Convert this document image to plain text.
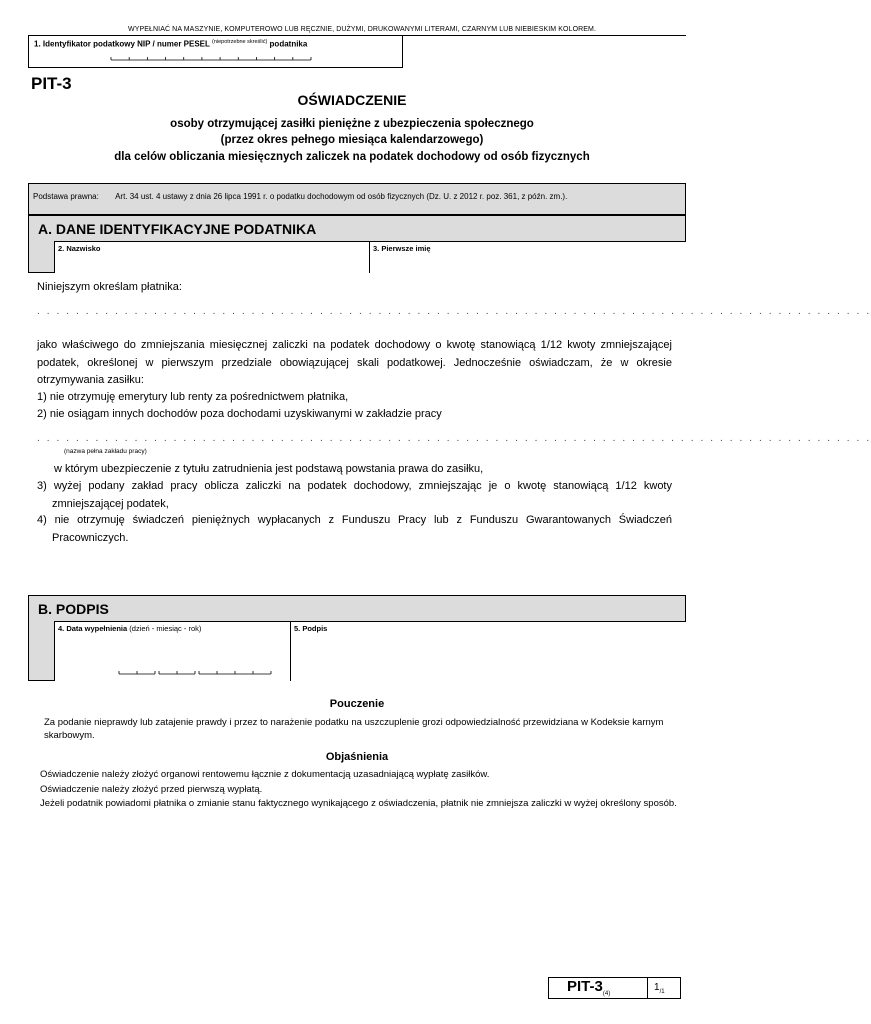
WYPEŁNIAĆ NA MASZYNIE, KOMPUTEROWO LUB RĘCZNIE, DUŻYMI, DRUKOWANYMI LITERAMI, CZARNYM LUB NIEBIESKIM KOLOREM.
1. Identyfikator podatkowy NIP / numer PESEL $^{(niepotrzebne skreślić)}$ podatnika
PIT-3
OŚWIADCZENIE
osoby otrzymującej zasiłki pieniężne z ubezpieczenia społecznego
(przez okres pełnego miesiąca kalendarzowego)
dla celów obliczania miesięcznych zaliczek na podatek dochodowy od osób fizycznych
Podstawa prawna: Art. 34 ust. 4 ustawy z dnia 26 lipca 1991 r. o podatku dochodowym od osób fizycznych (Dz. U. z 2012 r. poz. 361, z późn. zm.).
A. DANE IDENTYFIKACYJNE PODATNIKA
2. Nazwisko	3. Pierwsze imię
Niniejszym określam płatnika:
. . . . . . . . . . . . . . . . . . . . . . . . . . . . . . . . . . . . . . . . . . . . . . . . . . . . . . . . . . . . . . . . . . . . . . . . . . . . . . . . . . . . . .
jako właściwego do zmniejszania miesięcznej zaliczki na podatek dochodowy o kwotę stanowiącą 1/12 kwoty zmniejszającej podatek, określonej w pierwszym przedziale obowiązującej skali podatkowej. Jednocześnie oświadczam, że w okresie otrzymywania zasiłku:
1) nie otrzymuję emerytury lub renty za pośrednictwem płatnika,
2) nie osiągam innych dochodów poza dochodami uzyskiwanymi w zakładzie pracy
. . . . . . . . . . . . . . . . . . . . . . . . . . . . . . . . . . . . . . . . . . . . . . . . . . . . . . . . . . . . . . . . . . . . . . . . . . . . . . . . . . . . . .
(nazwa pełna zakładu pracy)
w którym ubezpieczenie z tytułu zatrudnienia jest podstawą powstania prawa do zasiłku,
3) wyżej podany zakład pracy oblicza zaliczki na podatek dochodowy, zmniejszając je o kwotę stanowiącą 1/12 kwoty zmniejszającej podatek,
4) nie otrzymuję świadczeń pieniężnych wypłacanych z Funduszu Pracy lub z Funduszu Gwarantowanych Świadczeń Pracowniczych.
B. PODPIS
4. Data wypełnienia (dzień - miesiąc - rok)	5. Podpis
Pouczenie
Za podanie nieprawdy lub zatajenie prawdy i przez to narażenie podatku na uszczuplenie grozi odpowiedzialność przewidziana w Kodeksie karnym skarbowym.
Objaśnienia
Oświadczenie należy złożyć organowi rentowemu łącznie z dokumentacją uzasadniającą wypłatę zasiłków.
Oświadczenie należy złożyć przed pierwszą wypłatą.
Jeżeli podatnik powiadomi płatnika o zmianie stanu faktycznego wynikającego z oświadczenia, płatnik nie zmniejsza zaliczki w wyżej określony sposób.
PIT-$3_{(4)}$
$1_{/1}$
